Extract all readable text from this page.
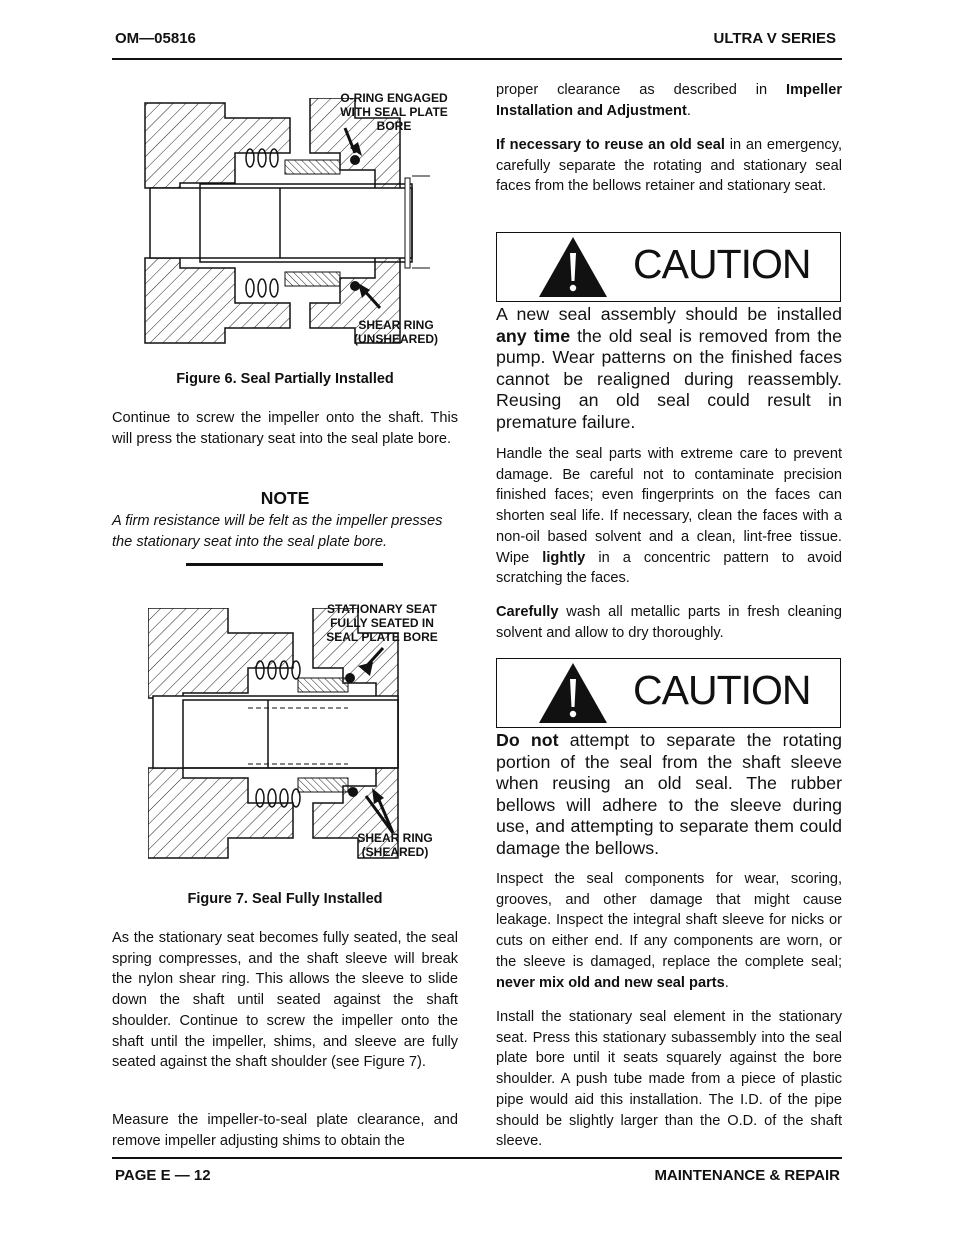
OM—05816	ULTRA V SERIES
O-RING ENGAGED
WITH SEAL PLATE
BORE
SHEAR RING
(UNSHEARED)
Figure 6. Seal Partially Installed

Continue to screw the impeller onto the shaft. This will press the stationary seat into the seal plate bore.

NOTE

A firm resistance will be felt as the impeller presses the stationary seat into the seal plate bore.

STATIONARY SEAT
FULLY SEATED IN
SEAL PLATE BORE
SHEAR RING
(SHEARED)
Figure 7. Seal Fully Installed

As the stationary seat becomes fully seated, the seal spring compresses, and the shaft sleeve will break the nylon shear ring. This allows the sleeve to slide down the shaft until seated against the shaft shoulder. Continue to screw the impeller onto the shaft until the impeller, shims, and sleeve are fully seated against the shaft shoulder (see Figure 7).

Measure the impeller-to-seal plate clearance, and remove impeller adjusting shims to obtain the

proper clearance as described in Impeller Installation and Adjustment.

If necessary to reuse an old seal in an emergency, carefully separate the rotating and stationary seal faces from the bellows retainer and stationary seat.

CAUTION

A new seal assembly should be installed any time the old seal is removed from the pump. Wear patterns on the finished faces cannot be realigned during reassembly. Reusing an old seal could result in premature failure.

Handle the seal parts with extreme care to prevent damage. Be careful not to contaminate precision finished faces; even fingerprints on the faces can shorten seal life. If necessary, clean the faces with a non-oil based solvent and a clean, lint-free tissue. Wipe lightly in a concentric pattern to avoid scratching the faces.

Carefully wash all metallic parts in fresh cleaning solvent and allow to dry thoroughly.

CAUTION

Do not attempt to separate the rotating portion of the seal from the shaft sleeve when reusing an old seal. The rubber bellows will adhere to the sleeve during use, and attempting to separate them could damage the bellows.

Inspect the seal components for wear, scoring, grooves, and other damage that might cause leakage. Inspect the integral shaft sleeve for nicks or cuts on either end. If any components are worn, or the sleeve is damaged, replace the complete seal; never mix old and new seal parts.

Install the stationary seal element in the stationary seat. Press this stationary subassembly into the seal plate bore until it seats squarely against the bore shoulder. A push tube made from a piece of plastic pipe would aid this installation. The I.D. of the pipe should be slightly larger than the O.D. of the shaft sleeve.

PAGE E — 12	MAINTENANCE & REPAIR
